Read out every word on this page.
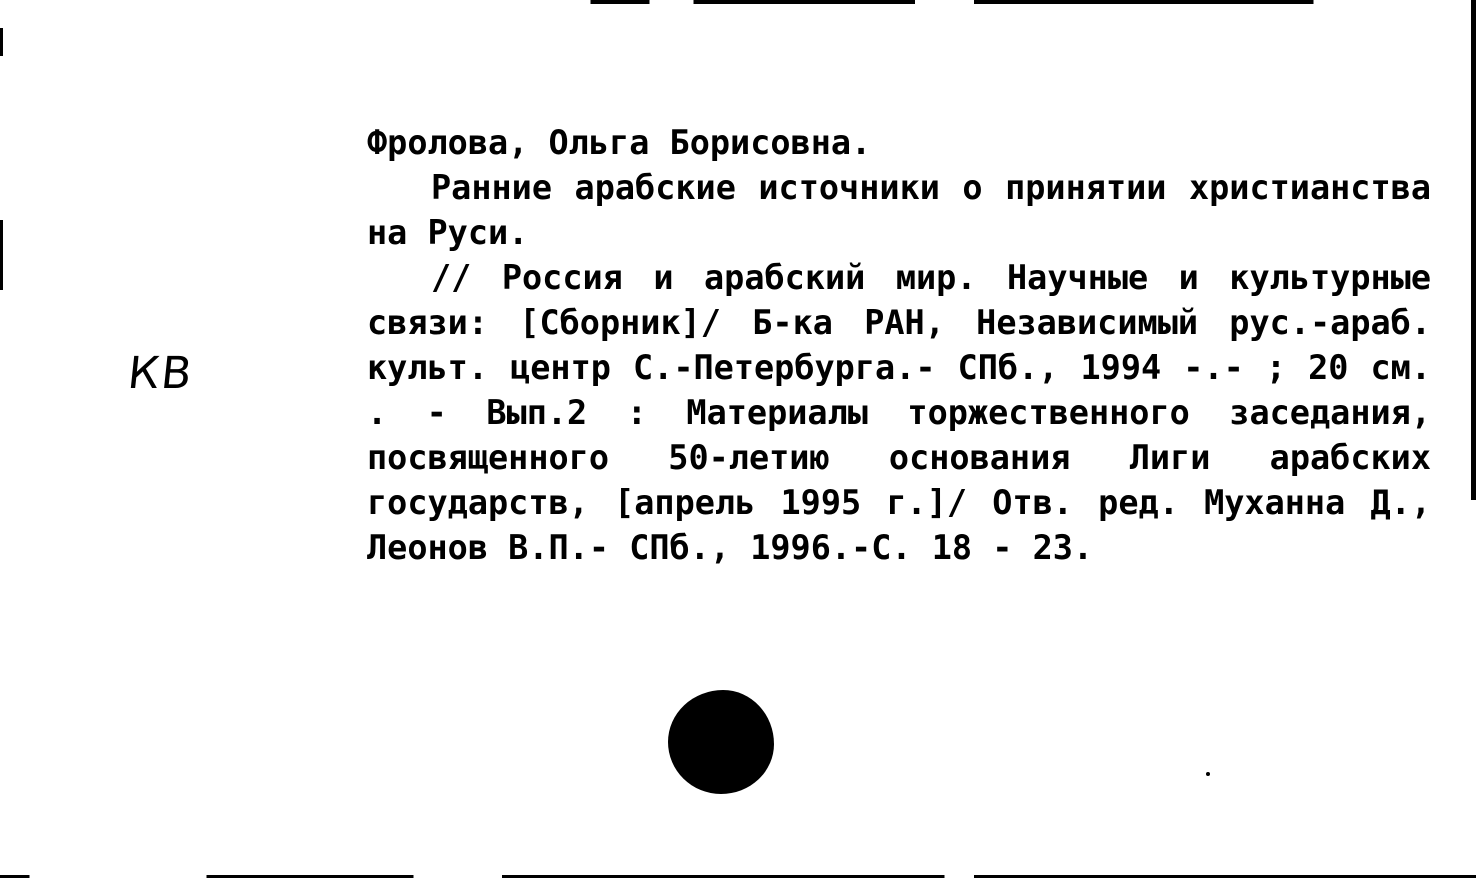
КВ

Фролова, Ольга Борисовна.

Ранние арабские источники о принятии христианства на Руси.

// Россия и арабский мир. Научные и культурные связи: [Сборник]/ Б-ка РАН, Независимый рус.-араб. культ. центр С.-Петербурга.- СПб., 1994 -.- ; 20 см. . - Вып.2 : Материалы торжественного заседания, посвященного 50-летию основания Лиги арабских государств, [апрель 1995 г.]/ Отв. ред. Муханна Д., Леонов В.П.- СПб., 1996.-С. 18 - 23.
